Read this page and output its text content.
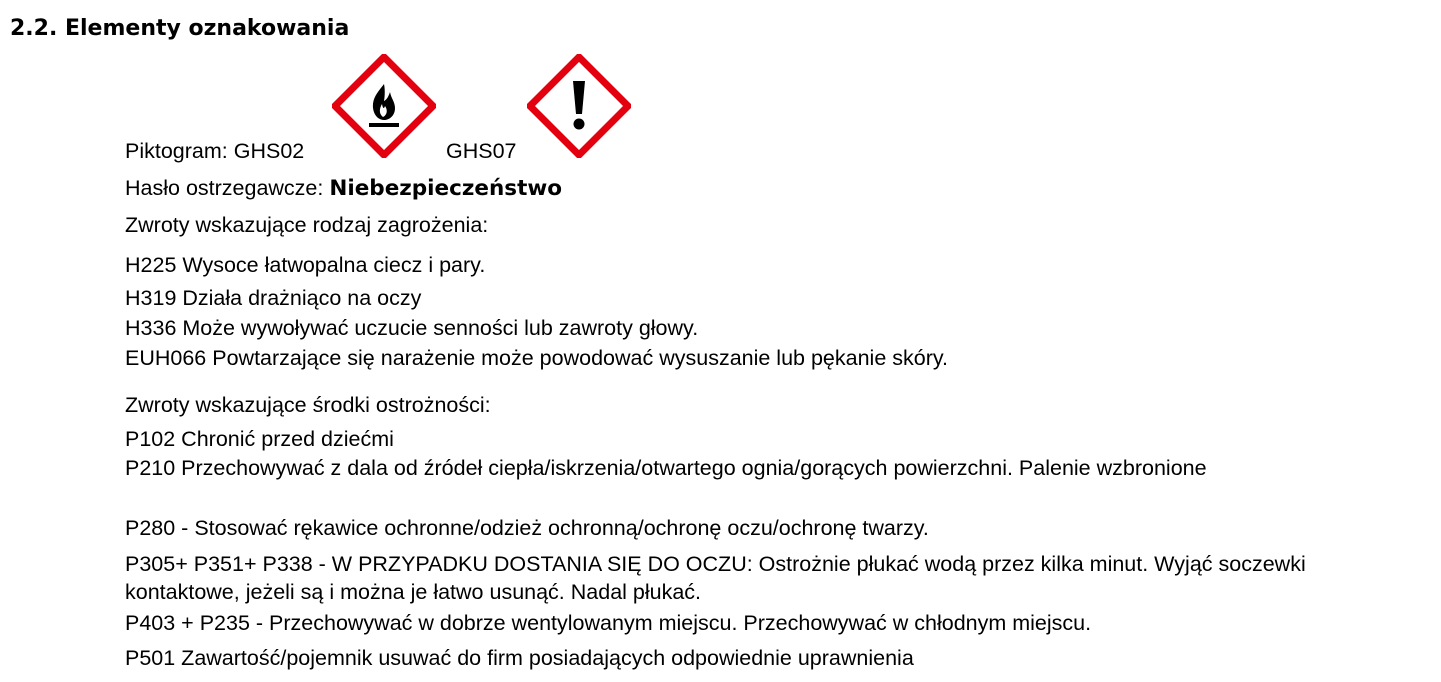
2.2. Elementy oznakowania
Piktogram: GHS02	GHS07
Hasło ostrzegawcze: Niebezpieczeństwo
Zwroty wskazujące rodzaj zagrożenia:
H225 Wysoce łatwopalna ciecz i pary.
H319 Działa drażniąco na oczy
H336 Może wywoływać uczucie senności lub zawroty głowy.
EUH066 Powtarzające się narażenie może powodować wysuszanie lub pękanie skóry.
Zwroty wskazujące środki ostrożności:
P102 Chronić przed dziećmi
P210 Przechowywać z dala od źródeł ciepła/iskrzenia/otwartego ognia/gorących powierzchni. Palenie wzbronione
P280 - Stosować rękawice ochronne/odzież ochronną/ochronę oczu/ochronę twarzy.
P305+ P351+ P338 - W PRZYPADKU DOSTANIA SIĘ DO OCZU: Ostrożnie płukać wodą przez kilka minut. Wyjąć soczewki kontaktowe, jeżeli są i można je łatwo usunąć. Nadal płukać.
P403 + P235 - Przechowywać w dobrze wentylowanym miejscu. Przechowywać w chłodnym miejscu.
P501 Zawartość/pojemnik usuwać do firm posiadających odpowiednie uprawnienia
